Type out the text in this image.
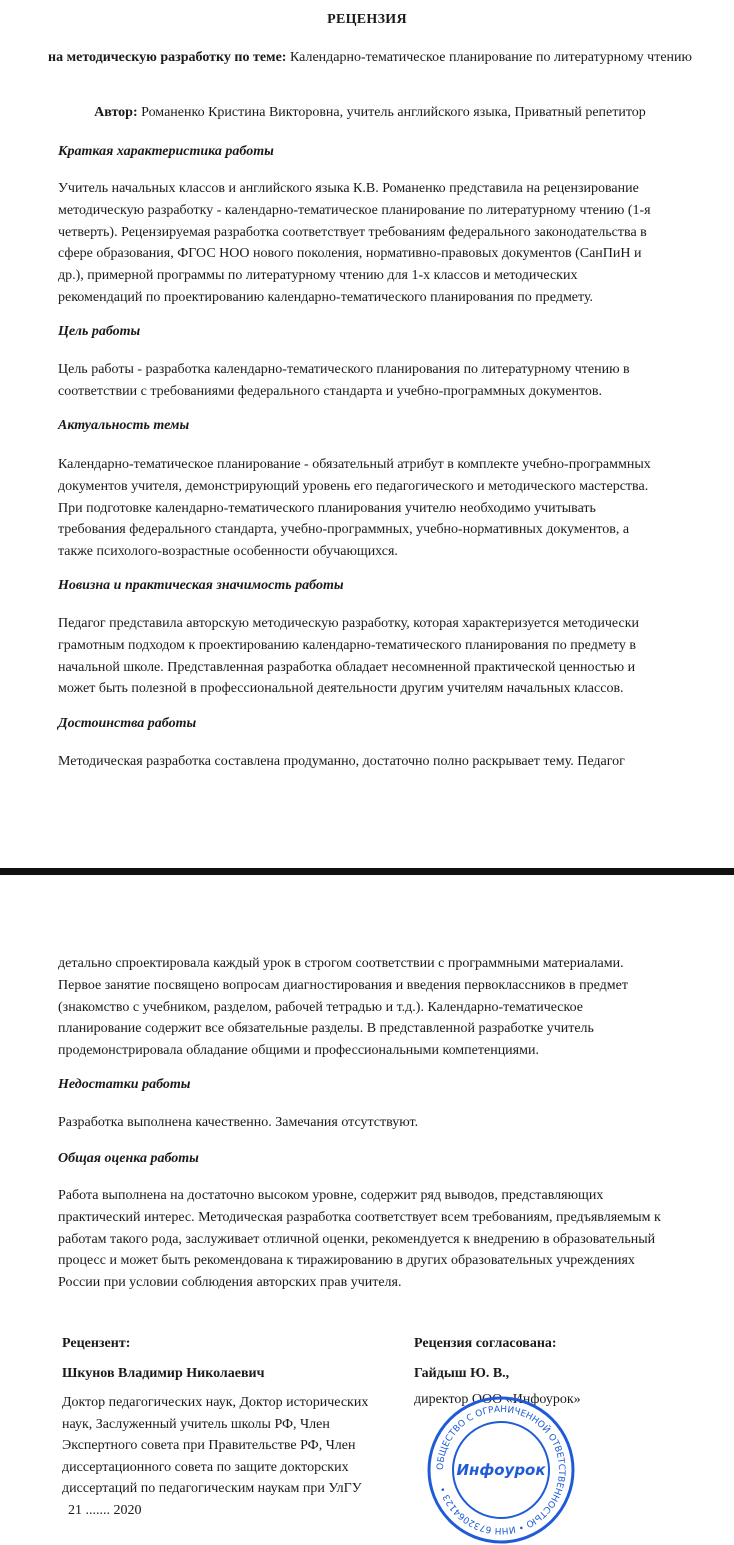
РЕЦЕНЗИЯ
на методическую разработку по теме: Календарно-тематическое планирование по литературному чтению
Автор: Романенко Кристина Викторовна, учитель английского языка, Приватный репетитор
Краткая характеристика работы
Учитель начальных классов и английского языка К.В. Романенко представила на рецензирование
методическую разработку - календарно-тематическое планирование по литературному чтению (1-я
четверть). Рецензируемая разработка соответствует требованиям федерального законодательства в
сфере образования, ФГОС НОО нового поколения, нормативно-правовых документов (СанПиН и
др.), примерной программы по литературному чтению для 1-х классов и методических
рекомендаций по проектированию календарно-тематического планирования по предмету.
Цель работы
Цель работы - разработка календарно-тематического планирования по литературному чтению в
соответствии с требованиями федерального стандарта и учебно-программных документов.
Актуальность темы
Календарно-тематическое планирование - обязательный атрибут в комплекте учебно-программных
документов учителя, демонстрирующий уровень его педагогического и методического мастерства.
При подготовке календарно-тематического планирования учителю необходимо учитывать
требования федерального стандарта, учебно-программных, учебно-нормативных документов, а
также психолого-возрастные особенности обучающихся.
Новизна и практическая значимость работы
Педагог представила авторскую методическую разработку, которая характеризуется методически
грамотным подходом к проектированию календарно-тематического планирования по предмету в
начальной школе. Представленная разработка обладает несомненной практической ценностью и
может быть полезной в профессиональной деятельности другим учителям начальных классов.
Достоинства работы
Методическая разработка составлена продуманно, достаточно полно раскрывает тему. Педагог
детально спроектировала каждый урок в строгом соответствии с программными материалами.
Первое занятие посвящено вопросам диагностирования и введения первоклассников в предмет
(знакомство с учебником, разделом, рабочей тетрадью и т.д.). Календарно-тематическое
планирование содержит все обязательные разделы. В представленной разработке учитель
продемонстрировала обладание общими и профессиональными компетенциями.
Недостатки работы
Разработка выполнена качественно. Замечания отсутствуют.
Общая оценка работы
Работа выполнена на достаточно высоком уровне, содержит ряд выводов, представляющих
практический интерес. Методическая разработка соответствует всем требованиям, предъявляемым к
работам такого рода, заслуживает отличной оценки, рекомендуется к внедрению в образовательный
процесс и может быть рекомендована к тиражированию в других образовательных учреждениях
России при условии соблюдения авторских прав учителя.
Рецензент:
Шкунов Владимир Николаевич
Доктор педагогических наук, Доктор исторических
наук, Заслуженный учитель школы РФ, Член
Экспертного совета при Правительстве РФ, Член
диссертационного совета по защите докторских
диссертаций по педагогическим наукам при УлГУ
21 ....... 2020
Рецензия согласована:
Гайдыш Ю. В.,
директор ООО «Инфоурок»
ОБЩЕСТВО С ОГРАНИЧЕННОЙ ОТВЕТСТВЕННОСТЬЮ • ИНН 6732064123 •
Инфоурок
